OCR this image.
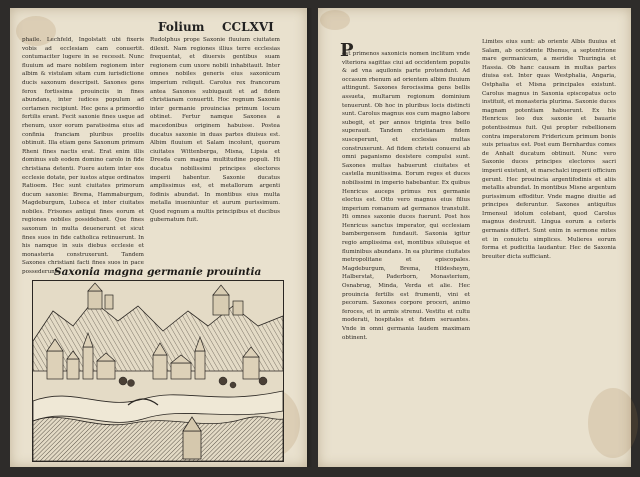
Folium CCLXVI

phaile. Lechfeld, Ingolstatt ubi fixeris vobis ad ecclesiam cam conuertit. contumaciter lugere in se recessit. Nunc fluuium ad mare nobilem regionem inter albim & vistulam sitam cum iurisdictione ducis saxonum descripsit. Saxones gens ferox fortissima prouinciis in fines abundans, inter iudices populum ad certamen recipiunt. Hec gens a primordio fertilis erant. Fecit saxonie fines usque ad rhenum, uxor eorum paratissima eius ad confinia franciam pluribus proeliis obtinuit. Illa etiam gens Saxonum primum Rheni fines nactis erat. Erat enim illis dominus sub eodem domino carolo in fide christiana detenti. Fuere autem inter eos ecclesie dotate, per iustos atque ordinatos Ratioem. Hec sunt ciuitates primorum ducum saxonie: Brema, Hammaburgum, Magdeburgum, Lubeca et inter ciuitates nobiles. Frisones antiqui fines eorum et regiones nobiles possidebant. Que fines saxonum in multa deuenerunt et sicut fines suos in fide catholica retinuerunt. In his namque in suis diebus ecclesie et monasteria construxerunt. Tandem Saxones christiani facti fines suos in pace possederunt.

Rudolphus prope Saxonie fluuium ciuitatem dilexit. Nam regiones illius terre ecclesias frequentat, et diuersis gentibus suam regionem cum uxore nobili inhabitauit. Inter omnes nobiles generis eius saxonicum imperium reliquit. Carolus rex francorum antea Saxones subiugauit et ad fidem christianam conuertit. Hoc regnum Saxonie inter germanie prouincias primum locum obtinet. Fertur namque Saxones a macedonibus originem habuisse. Postea ducatus saxonie in duas partes diuisus est. Albim fluuium et Salam incolunt, quorum ciuitates Wittenberga, Misna, Lipsia et Dresda cum magna multitudine populi. Hi ducatus nobilissimi principes electores imperii habentur. Saxonie ducatus amplissimus est, et metallorum argenti fodinis abundat. In montibus eius multa metalla inueniuntur et aurum purissimum. Quod regnum a multis principibus et ducibus gubernatum fuit.

Saxonia magna germanie prouintia
P

ost primenos saxonicis nomen inclitum vnde vlteriora sagittas ciui ad occidentem populis & ad vna aquilonis parte protendunt. Ad occasum rhenum ad orientem albim fluuium attingunt. Saxones ferocissima gens bellis assueta, multarum regionum dominium tenuerunt. Ob hoc in pluribus locis distincti sunt. Carolus magnus eos cum magno labore subegit, et per annos triginta tres bello superauit. Tandem christianam fidem susceperunt, et ecclesias multas construxerunt. Ad fidem christi conuersi ab omni paganismo desistere compulsi sunt. Saxones multas habuerunt ciuitates et castella munitissima. Eorum reges et duces nobilissimi in imperio habebantur. Ex quibus Henricus auceps primus rex germanie electus est. Otto vero magnus eius filius imperium romanum ad germanos transtulit. Hi omnes saxonie duces fuerunt. Post hos Henricus sanctus imperator, qui ecclesiam bambergensem fundauit. Saxonia igitur regio amplissima est, montibus siluisque et fluminibus abundans. In ea plurime ciuitates metropolitane et episcopales. Magdeburgum, Brema, Hildesheym, Halberstat, Paderborn, Monasterium, Osnabrug, Minda, Verda et alie. Hec prouincia fertilis est frumenti, vini et pecorum. Saxones corpore proceri, animo feroces, et in armis strenui. Vestitu et cultu moderati, hospitales et fidem seruantes. Vnde in omni germania laudem maximam obtinent.

Limites eius sunt: ab oriente Albis fluuius et Salam, ab occidente Rhenus, a septentrione mare germanicum, a meridie Thuringia et Hassia. Ob hanc causam in multas partes diuisa est. Inter quas Westphalia, Angaria, Ostphalia et Misna principales existunt. Carolus magnus in Saxonia episcopatus octo instituit, et monasteria plurima. Saxonie duces magnam potentiam habuerunt. Ex his Henricus leo dux saxonie et bauarie potentissimus fuit. Qui propter rebellionem contra imperatorem Fridericum primum bonis suis priuatus est. Post eum Bernhardus comes de Anhalt ducatum obtinuit. Nunc vero Saxonie duces principes electores sacri imperii existunt, et marschalci imperii officium gerunt. Hec prouincia argentifodinis et aliis metallis abundat. In montibus Misne argentum purissimum effoditur. Vnde magne diuitie ad principes deferuntur. Saxones antiquitus Irmensul idolum colebant, quod Carolus magnus destruxit. Lingua eorum a ceteris germanis differt. Sunt enim in sermone mites et in conuictu simplices. Mulieres eorum forma et pudicitia laudantur. Hec de Saxonia breuiter dicta sufficiant.
